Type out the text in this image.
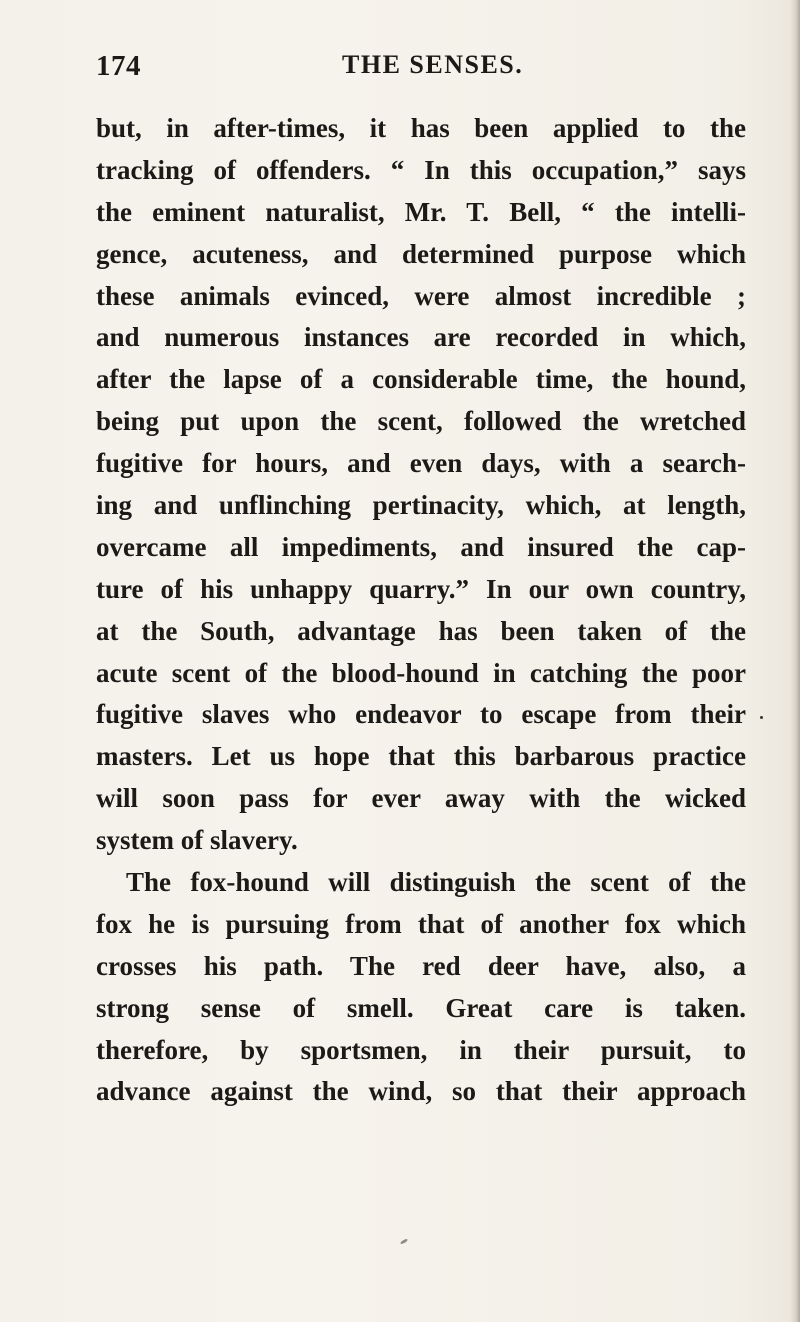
174	THE SENSES.
but, in after-times, it has been applied to the
tracking of offenders. “ In this occupation,” says
the eminent naturalist, Mr. T. Bell, “ the intelli-
gence, acuteness, and determined purpose which
these animals evinced, were almost incredible ;
and numerous instances are recorded in which,
after the lapse of a considerable time, the hound,
being put upon the scent, followed the wretched
fugitive for hours, and even days, with a search-
ing and unflinching pertinacity, which, at length,
overcame all impediments, and insured the cap-
ture of his unhappy quarry.” In our own country,
at the South, advantage has been taken of the
acute scent of the blood-hound in catching the poor
fugitive slaves who endeavor to escape from their
masters. Let us hope that this barbarous practice
will soon pass for ever away with the wicked
system of slavery.
The fox-hound will distinguish the scent of the
fox he is pursuing from that of another fox which
crosses his path. The red deer have, also, a
strong sense of smell. Great care is taken.
therefore, by sportsmen, in their pursuit, to
advance against the wind, so that their approach
